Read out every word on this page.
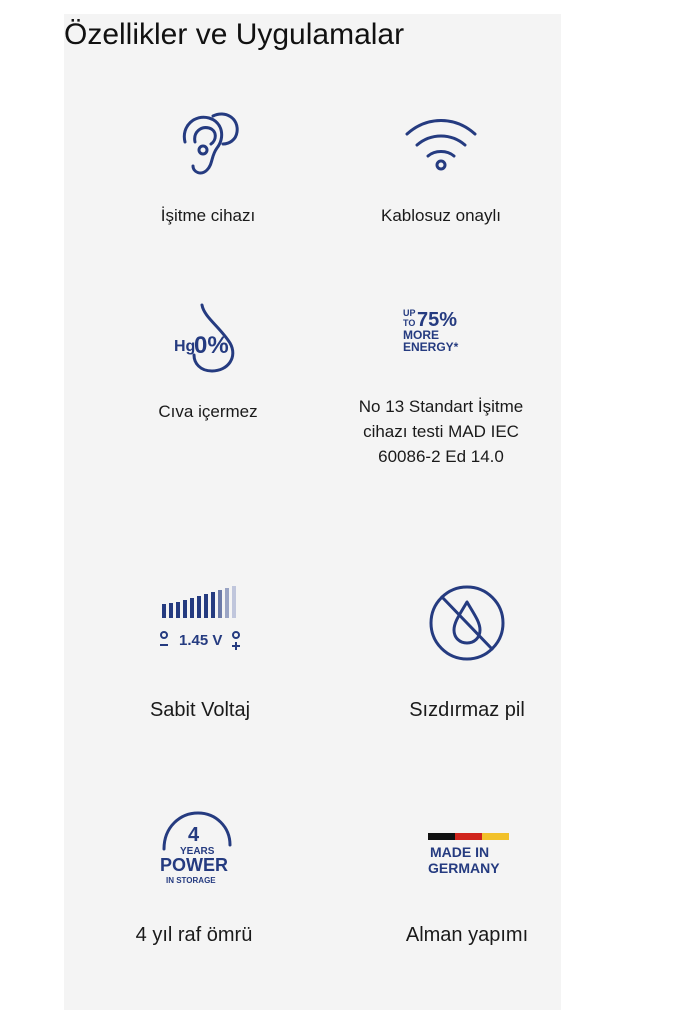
Özellikler ve Uygulamalar
İşitme cihazı	Kablosuz onaylı
Hg
0%
Cıva içermez
UP
TO 75%
MORE
ENERGY*
No 13 Standart İşitme cihazı testi MAD IEC 60086-2 Ed 14.0
1.45 V
Sabit Voltaj	Sızdırmaz pil
4
YEARS
POWER
IN STORAGE
4 yıl raf ömrü
MADE IN
GERMANY
Alman yapımı
